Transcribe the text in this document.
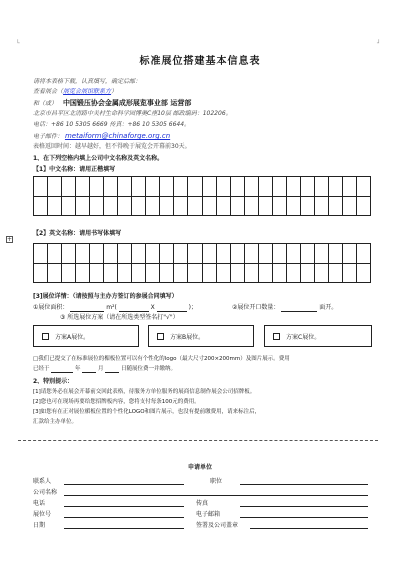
└	┘
标准展位搭建基本信息表
请将本表格下载，认真填写，确定后邮：
查看展会（展览会展馆联系方）
和（或） 中国锻压协会金属成形展览事业部 运营部
北京市昌平区北清路中关村生命科学园博奥C座10层 邮政编码：102206。
电话：+86 10 5305 6669 传真：+86 10 5305 6644。
电子邮件： metaiform@chinaforge.org.cn
表格返回时间：越早越好，但不得晚于展览会开幕前30天。
1、在下列空格内填上公司中文名称及英文名称。
【1】中文名称：请用正楷填写
+
【2】英文名称：请用书写体填写
[3]展位详情：（请按照与主办方签订的参展合同填写）
①展位面积：	m²(	X	)；	②展位开口数量：	面开。
③ 所选展位方案（请在所选类型签名打"√"）
方案A展位。	方案B展位。	方案C展位。
□我们已提交了在标准展位的楣板位置可以有个性化的logo（最大尺寸200×200mm）及图片展示。费用
已经于	年	月	日随展位费一并缴纳。
2、特别提示：
[1]请您务必在展会开幕前交回此表格，待服务方单位服务的展商信息制作展会公司招牌板。
[2]您也可在现场再要给您招牌板内容，您将支付每条100元的费用。
[3]如您有在正对展位楣板位置的个性化LOGO和图片展示，也没有提前缴费用，请来标注后，
汇款给主办单位。
申请单位
联系人	职位
公司名称
电话	传真
展位号	电子邮箱
日期	签署及公司盖章
